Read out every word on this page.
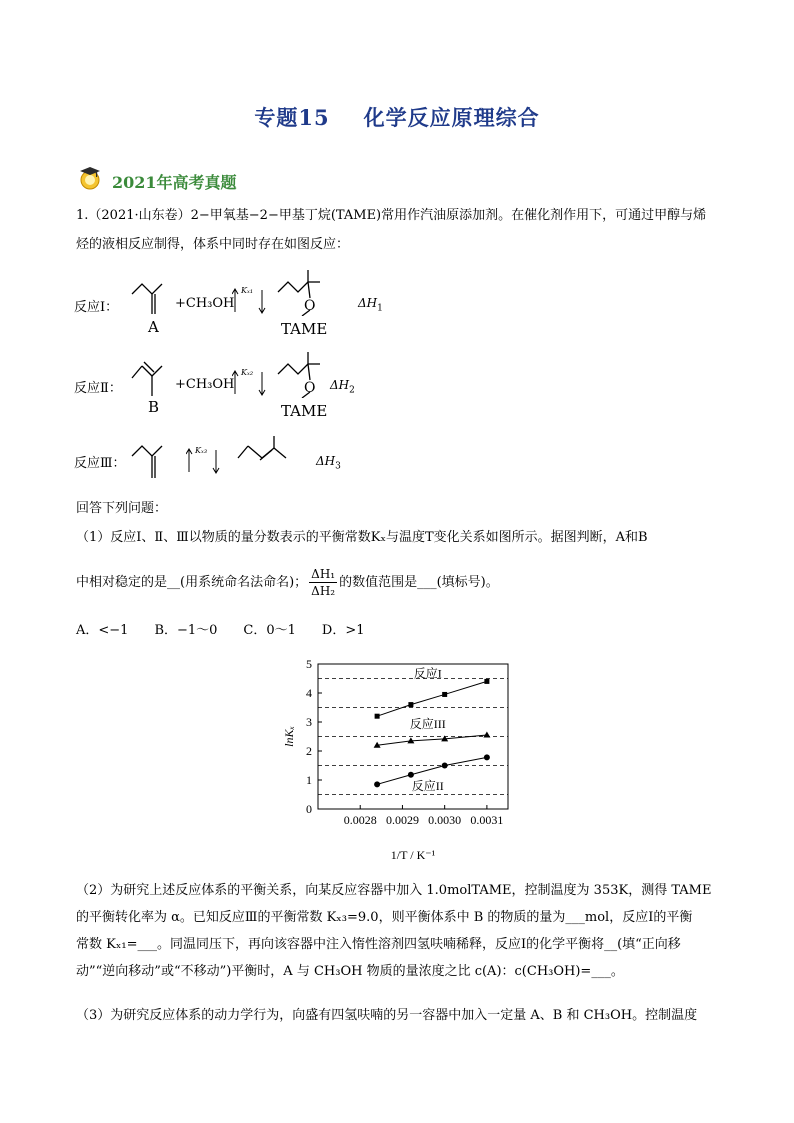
专题15 化学反应原理综合
2021年高考真题
1.（2021·山东卷）2−甲氧基−2−甲基丁烷(TAME)常用作汽油原添加剂。在催化剂作用下，可通过甲醇与烯
烃的液相反应制得，体系中同时存在如图反应：
反应Ⅰ：
A
+CH₃OH
Kₓ₁
O
TAME
$\Delta H_1$
反应Ⅱ：
B
+CH₃OH
Kₓ₂
O
TAME
$\Delta H_2$
反应Ⅲ：
Kₓ₃
$\Delta H_3$
回答下列问题：
（1）反应Ⅰ、Ⅱ、Ⅲ以物质的量分数表示的平衡常数Kₓ与温度T变化关系如图所示。据图判断，A和B
中相对稳定的是__(用系统命名法命名)； $\frac{\text{ΔH₁}}{\text{ΔH₂}}$ 的数值范围是___(填标号)。
A．<−1　　B．−1～0　　C．0～1　　D．>1
0
1
2
3
4
5
0.0028 0.0029 0.0030 0.0031
lnKₓ
1/T / K⁻¹
反应I
反应III
反应II
（2）为研究上述反应体系的平衡关系，向某反应容器中加入 1.0molTAME，控制温度为 353K，测得 TAME
的平衡转化率为 α。已知反应Ⅲ的平衡常数 Kₓ₃=9.0，则平衡体系中 B 的物质的量为___mol，反应Ⅰ的平衡
常数 Kₓ₁=___。同温同压下，再向该容器中注入惰性溶剂四氢呋喃稀释，反应Ⅰ的化学平衡将__(填“正向移
动”“逆向移动”或“不移动”)平衡时，A 与 CH₃OH 物质的量浓度之比 c(A)：c(CH₃OH)=___。
（3）为研究反应体系的动力学行为，向盛有四氢呋喃的另一容器中加入一定量 A、B 和 CH₃OH。控制温度
